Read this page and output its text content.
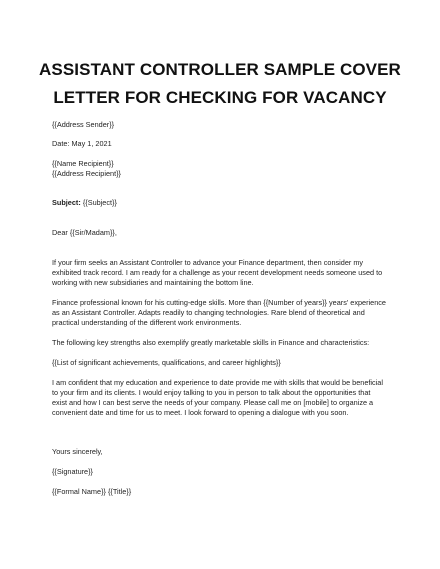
ASSISTANT CONTROLLER SAMPLE COVER
LETTER FOR CHECKING FOR VACANCY
{{Address Sender}}
Date: May 1, 2021
{{Name Recipient}}
{{Address Recipient}}
Subject: {{Subject}}
Dear {{Sir/Madam}},
If your firm seeks an Assistant Controller to advance your Finance department, then consider my
exhibited track record. I am ready for a challenge as your recent development needs someone used to
working with new subsidiaries and maintaining the bottom line.
Finance professional known for his cutting-edge skills. More than {{Number of years}} years' experience
as an Assistant Controller. Adapts readily to changing technologies. Rare blend of theoretical and
practical understanding of the different work environments.
The following key strengths also exemplify greatly marketable skills in Finance and characteristics:
{{List of significant achievements, qualifications, and career highlights}}
I am confident that my education and experience to date provide me with skills that would be beneficial
to your firm and its clients. I would enjoy talking to you in person to talk about the opportunities that
exist and how I can best serve the needs of your company. Please call me on [mobile] to organize a
convenient date and time for us to meet. I look forward to opening a dialogue with you soon.
Yours sincerely,
{{Signature}}
{{Formal Name}} {{Title}}
